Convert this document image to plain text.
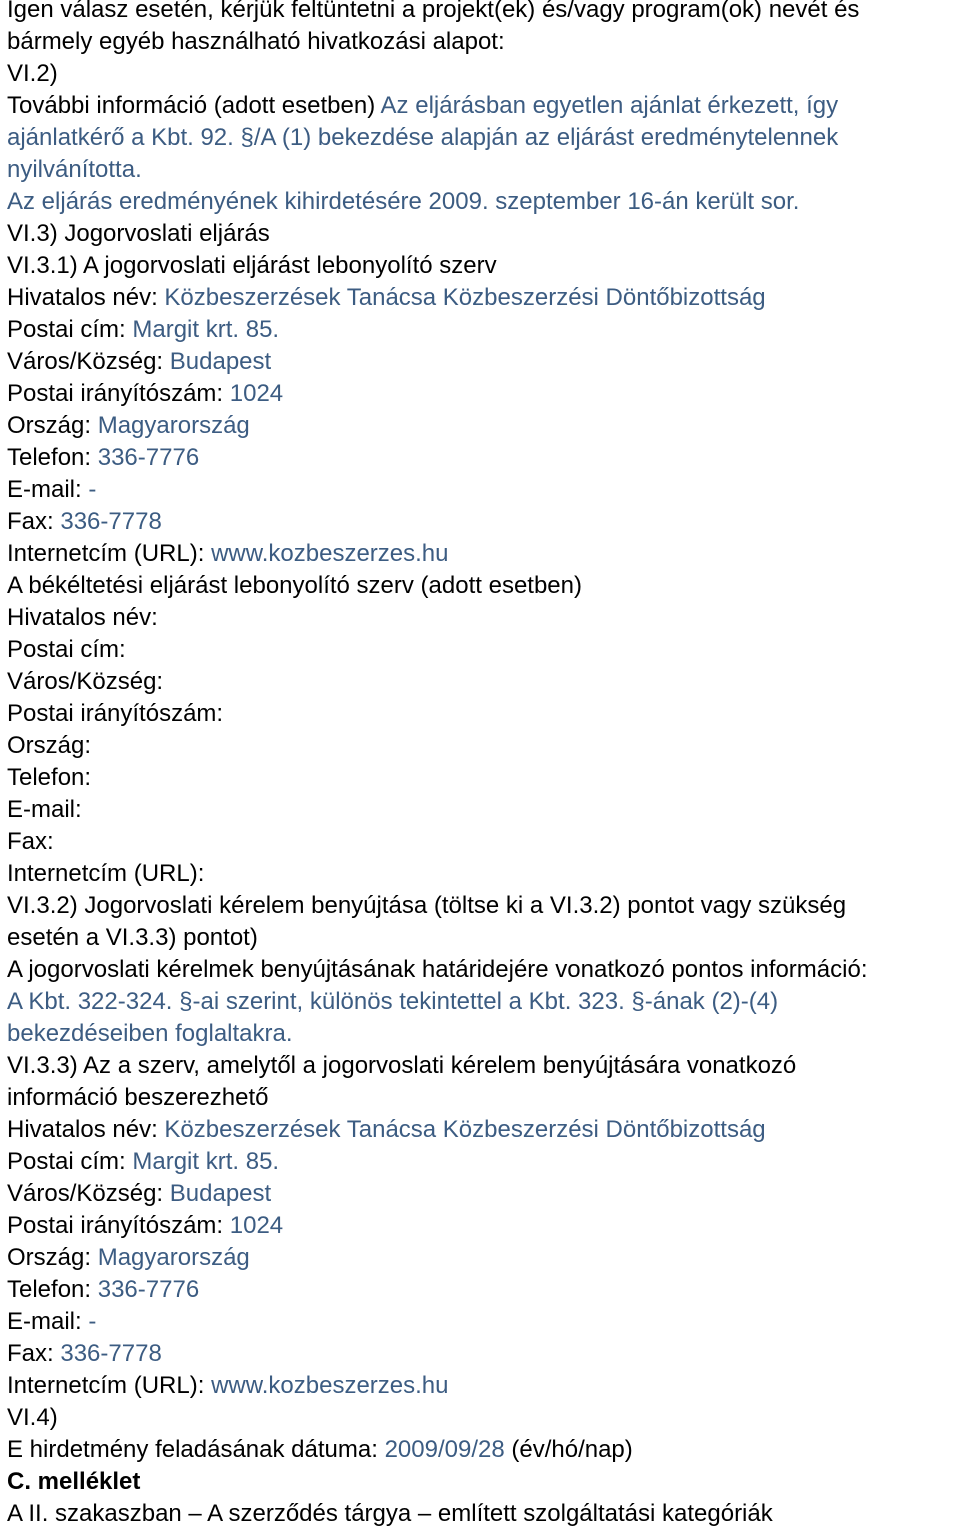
Igen válasz esetén, kérjük feltüntetni a projekt(ek) és/vagy program(ok) nevét és
bármely egyéb használható hivatkozási alapot:
VI.2)
További információ (adott esetben) Az eljárásban egyetlen ajánlat érkezett, így
ajánlatkérő a Kbt. 92. §/A (1) bekezdése alapján az eljárást eredménytelennek
nyilvánította.
Az eljárás eredményének kihirdetésére 2009. szeptember 16-án került sor.
VI.3) Jogorvoslati eljárás
VI.3.1) A jogorvoslati eljárást lebonyolító szerv
Hivatalos név: Közbeszerzések Tanácsa Közbeszerzési Döntőbizottság
Postai cím: Margit krt. 85.
Város/Község: Budapest
Postai irányítószám: 1024
Ország: Magyarország
Telefon: 336-7776
E-mail: -
Fax: 336-7778
Internetcím (URL): www.kozbeszerzes.hu
A békéltetési eljárást lebonyolító szerv (adott esetben)
Hivatalos név:
Postai cím:
Város/Község:
Postai irányítószám:
Ország:
Telefon:
E-mail:
Fax:
Internetcím (URL):
VI.3.2) Jogorvoslati kérelem benyújtása (töltse ki a VI.3.2) pontot vagy szükség
esetén a VI.3.3) pontot)
A jogorvoslati kérelmek benyújtásának határidejére vonatkozó pontos információ:
A Kbt. 322-324. §-ai szerint, különös tekintettel a Kbt. 323. §-ának (2)-(4)
bekezdéseiben foglaltakra.
VI.3.3) Az a szerv, amelytől a jogorvoslati kérelem benyújtására vonatkozó
információ beszerezhető
Hivatalos név: Közbeszerzések Tanácsa Közbeszerzési Döntőbizottság
Postai cím: Margit krt. 85.
Város/Község: Budapest
Postai irányítószám: 1024
Ország: Magyarország
Telefon: 336-7776
E-mail: -
Fax: 336-7778
Internetcím (URL): www.kozbeszerzes.hu
VI.4)
E hirdetmény feladásának dátuma: 2009/09/28 (év/hó/nap)
C. melléklet
A II. szakaszban – A szerződés tárgya – említett szolgáltatási kategóriák
